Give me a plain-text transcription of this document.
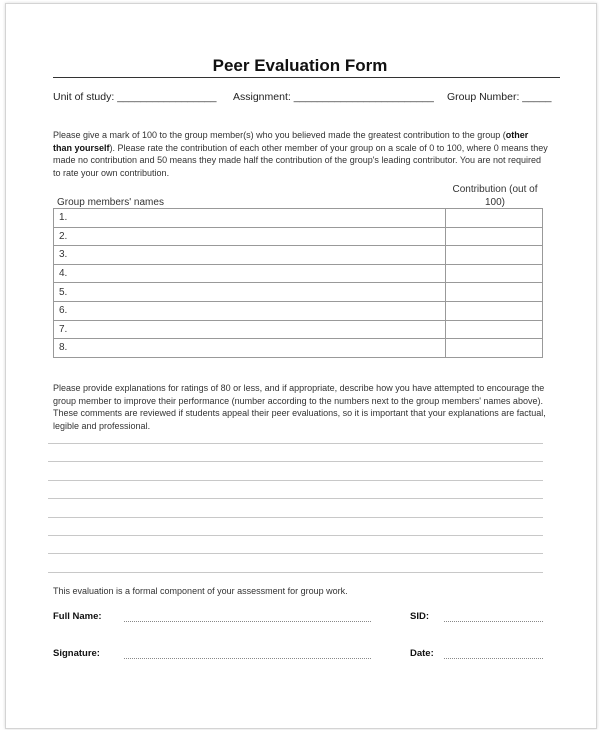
Peer Evaluation Form
Unit of study: _________________ Assignment: ________________________ Group Number: _____
Please give a mark of 100 to the group member(s) who you believed made the greatest contribution to the group (other than yourself). Please rate the contribution of each other member of your group on a scale of 0 to 100, where 0 means they made no contribution and 50 means they made half the contribution of the group's leading contributor. You are not required to rate your own contribution.
Group members' names
Contribution (out of 100)
1.	
2.	
3.	
4.	
5.	
6.	
7.	
8.	
Please provide explanations for ratings of 80 or less, and if appropriate, describe how you have attempted to encourage the group member to improve their performance (number according to the numbers next to the group members' names above). These comments are reviewed if students appeal their peer evaluations, so it is important that your explanations are factual, legible and professional.
This evaluation is a formal component of your assessment for group work.
Full Name:	SID:
Signature:	Date:
